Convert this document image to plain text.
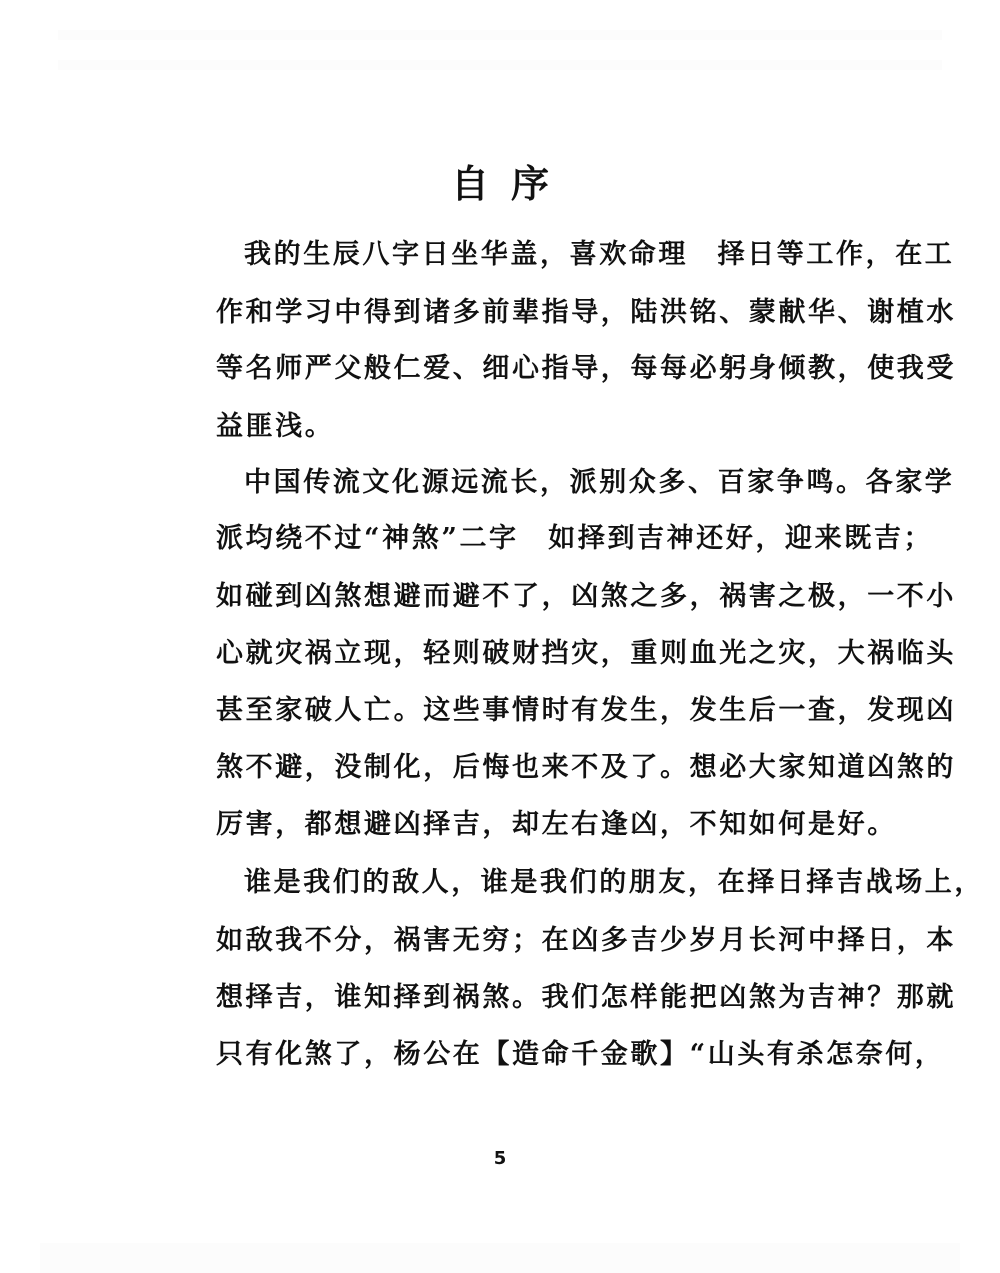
自序
我的生辰八字日坐华盖，喜欢命理　择日等工作，在工
作和学习中得到诸多前辈指导，陆洪铭、蒙献华、谢植水
等名师严父般仁爱、细心指导，每每必躬身倾教，使我受
益匪浅。
中国传流文化源远流长，派别众多、百家争鸣。各家学
派均绕不过“神煞”二字　如择到吉神还好，迎来既吉；
如碰到凶煞想避而避不了，凶煞之多，祸害之极，一不小
心就灾祸立现，轻则破财挡灾，重则血光之灾，大祸临头
甚至家破人亡。这些事情时有发生，发生后一查，发现凶
煞不避，没制化，后悔也来不及了。想必大家知道凶煞的
厉害，都想避凶择吉，却左右逢凶，不知如何是好。
谁是我们的敌人，谁是我们的朋友，在择日择吉战场上，
如敌我不分，祸害无穷；在凶多吉少岁月长河中择日，本
想择吉，谁知择到祸煞。我们怎样能把凶煞为吉神？那就
只有化煞了，杨公在【造命千金歌】“山头有杀怎奈何，
5
